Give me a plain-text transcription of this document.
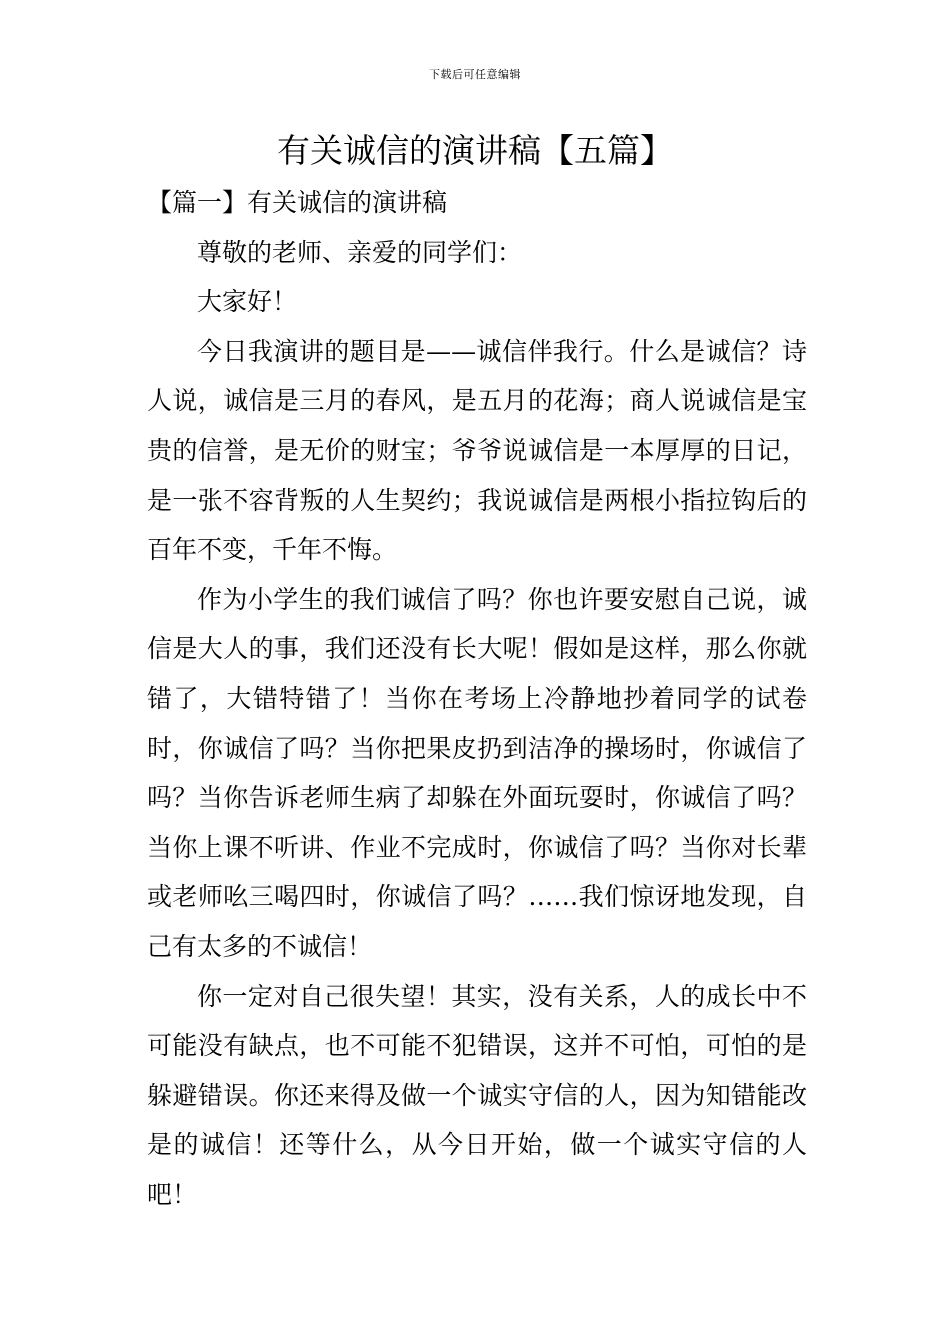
下载后可任意编辑
有关诚信的演讲稿【五篇】

【篇一】有关诚信的演讲稿

尊敬的老师、亲爱的同学们：

大家好！

今日我演讲的题目是——诚信伴我行。什么是诚信？诗人说，诚信是三月的春风，是五月的花海；商人说诚信是宝贵的信誉，是无价的财宝；爷爷说诚信是一本厚厚的日记，是一张不容背叛的人生契约；我说诚信是两根小指拉钩后的百年不变，千年不悔。

作为小学生的我们诚信了吗？你也许要安慰自己说，诚信是大人的事，我们还没有长大呢！假如是这样，那么你就错了，大错特错了！当你在考场上冷静地抄着同学的试卷时，你诚信了吗？当你把果皮扔到洁净的操场时，你诚信了吗？当你告诉老师生病了却躲在外面玩耍时，你诚信了吗？当你上课不听讲、作业不完成时，你诚信了吗？当你对长辈或老师吆三喝四时，你诚信了吗？……我们惊讶地发现，自己有太多的不诚信！

你一定对自己很失望！其实，没有关系，人的成长中不可能没有缺点，也不可能不犯错误，这并不可怕，可怕的是躲避错误。你还来得及做一个诚实守信的人，因为知错能改是的诚信！还等什么，从今日开始，做一个诚实守信的人吧！
